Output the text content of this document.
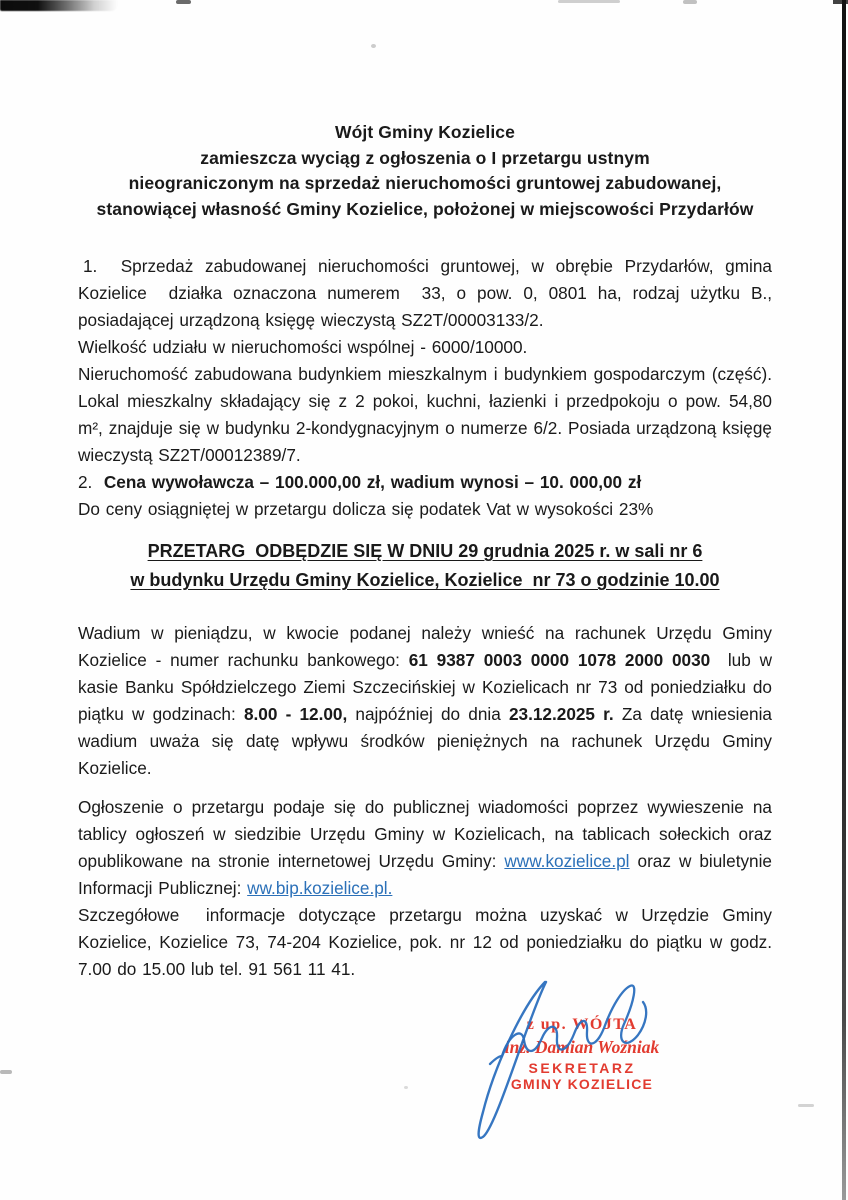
Wójt Gminy Kozielice
zamieszcza wyciąg z ogłoszenia o I przetargu ustnym
nieograniczonym na sprzedaż nieruchomości gruntowej zabudowanej,
stanowiącej własność Gminy Kozielice, położonej w miejscowości Przydarłów
1.  Sprzedaż zabudowanej nieruchomości gruntowej, w obrębie Przydarłów, gmina Kozielice  działka oznaczona numerem  33, o pow. 0, 0801 ha, rodzaj użytku B., posiadającej urządzoną księgę wieczystą SZ2T/00003133/2.
Wielkość udziału w nieruchomości wspólnej - 6000/10000.
Nieruchomość zabudowana budynkiem mieszkalnym i budynkiem gospodarczym (część). Lokal mieszkalny składający się z 2 pokoi, kuchni, łazienki i przedpokoju o pow. 54,80 m², znajduje się w budynku 2-kondygnacyjnym o numerze 6/2. Posiada urządzoną księgę wieczystą SZ2T/00012389/7.
2.  Cena wywoławcza – 100.000,00 zł, wadium wynosi – 10. 000,00 zł
Do ceny osiągniętej w przetargu dolicza się podatek Vat w wysokości 23%
PRZETARG  ODBĘDZIE SIĘ W DNIU 29 grudnia 2025 r. w sali nr 6
w budynku Urzędu Gminy Kozielice, Kozielice  nr 73 o godzinie 10.00
Wadium w pieniądzu, w kwocie podanej należy wnieść na rachunek Urzędu Gminy Kozielice - numer rachunku bankowego: 61 9387 0003 0000 1078 2000 0030  lub w kasie Banku Spółdzielczego Ziemi Szczecińskiej w Kozielicach nr 73 od poniedziałku do piątku w godzinach: 8.00 - 12.00, najpóźniej do dnia 23.12.2025 r. Za datę wniesienia wadium uważa się datę wpływu środków pieniężnych na rachunek Urzędu Gminy Kozielice.
Ogłoszenie o przetargu podaje się do publicznej wiadomości poprzez wywieszenie na tablicy ogłoszeń w siedzibie Urzędu Gminy w Kozielicach, na tablicach sołeckich oraz opublikowane na stronie internetowej Urzędu Gminy: www.kozielice.pl oraz w biuletynie Informacji Publicznej: ww.bip.kozielice.pl.
Szczegółowe  informacje dotyczące przetargu można uzyskać w Urzędzie Gminy Kozielice, Kozielice 73, 74-204 Kozielice, pok. nr 12 od poniedziałku do piątku w godz. 7.00 do 15.00 lub tel. 91 561 11 41.
z up. WÓJTA
inż. Damian Woźniak
SEKRETARZ
GMINY KOZIELICE
